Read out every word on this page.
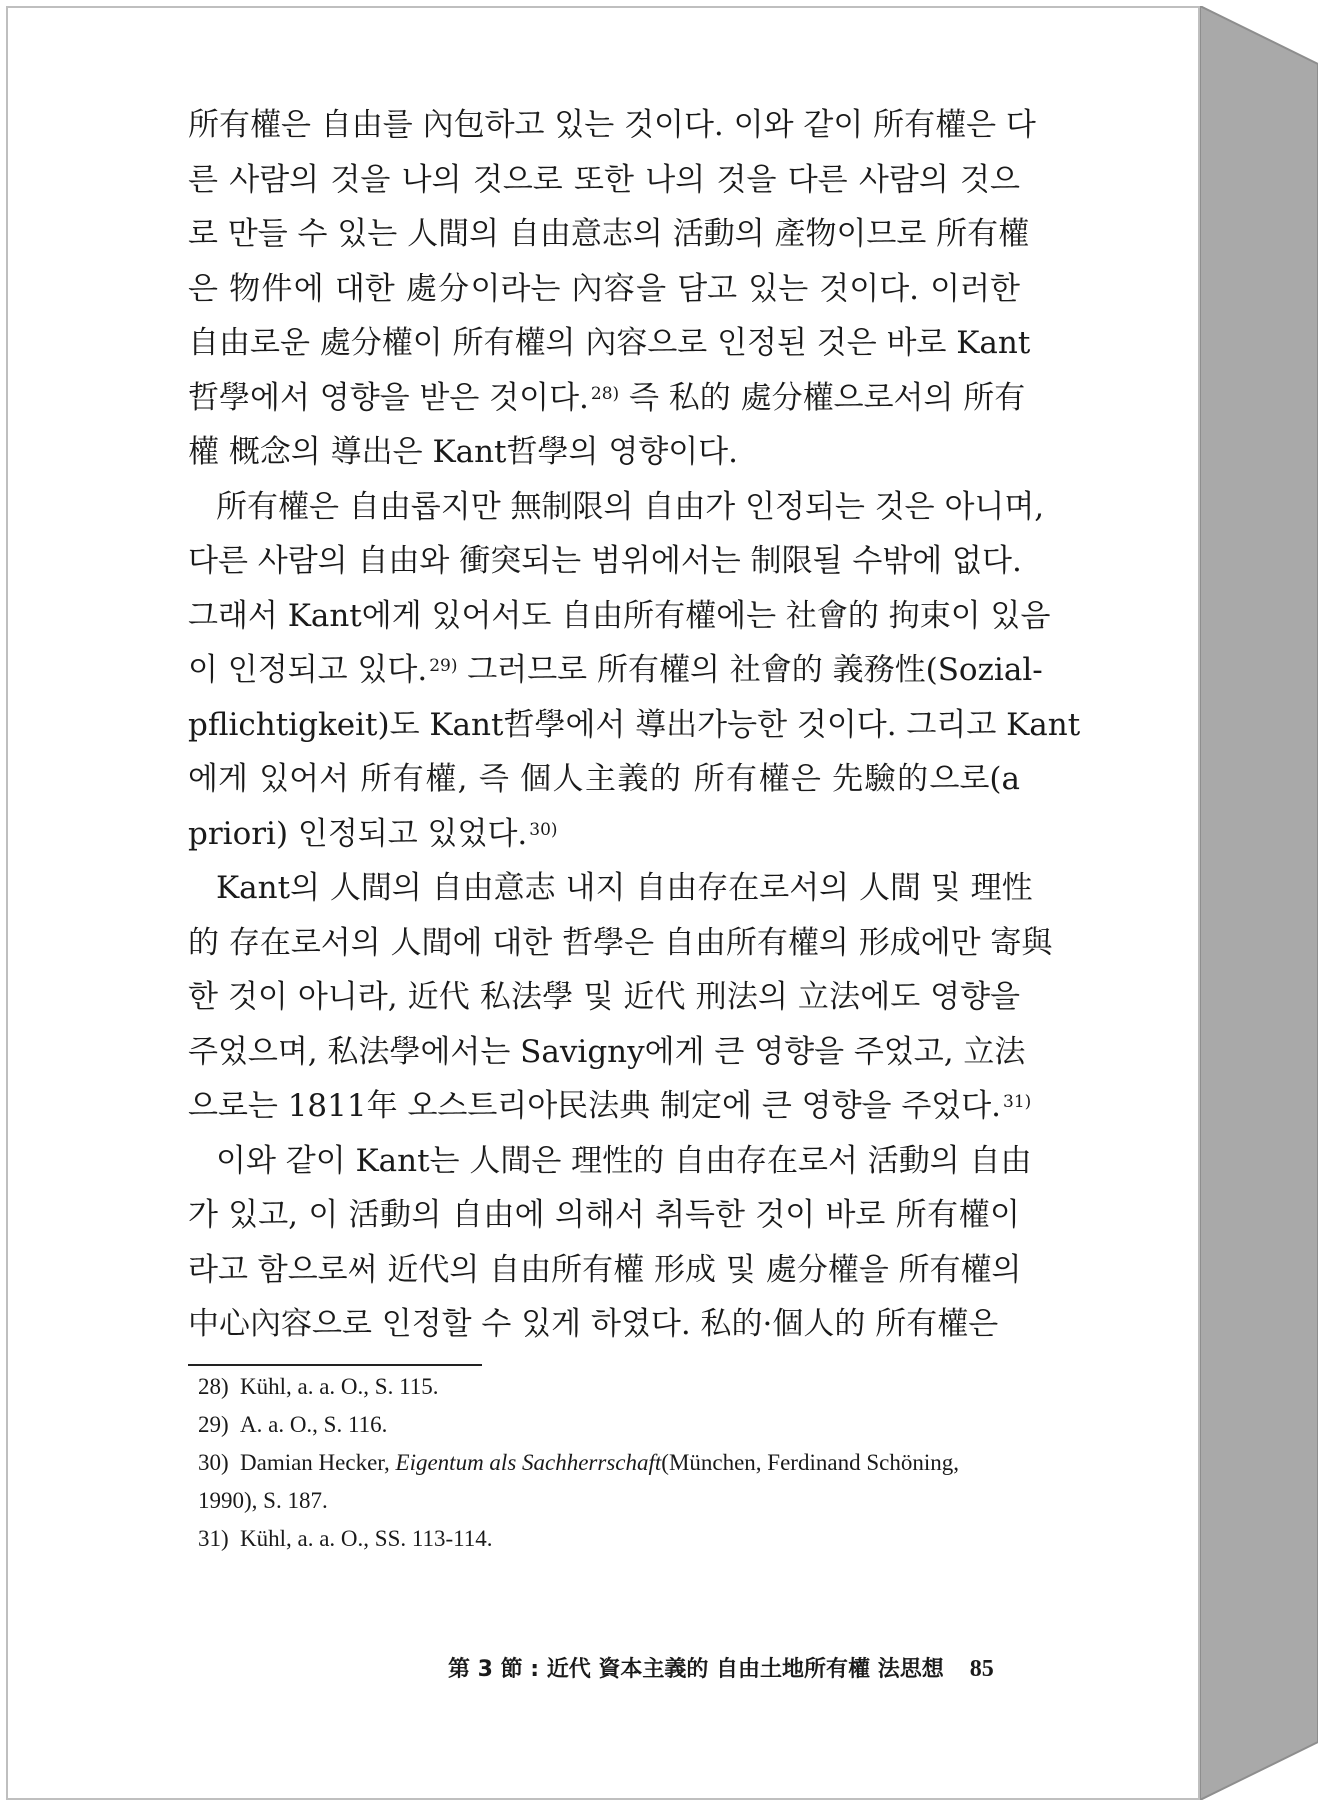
所有權은 自由를 內包하고 있는 것이다. 이와 같이 所有權은 다
른 사람의 것을 나의 것으로 또한 나의 것을 다른 사람의 것으
로 만들 수 있는 人間의 自由意志의 活動의 產物이므로 所有權
은 物件에 대한 處分이라는 內容을 담고 있는 것이다. 이러한
自由로운 處分權이 所有權의 內容으로 인정된 것은 바로 Kant
哲學에서 영향을 받은 것이다. $^{28)}$ 즉 私的 處分權으로서의 所有
權 概念의 導出은 Kant哲學의 영향이다.
所有權은 自由롭지만 無制限의 自由가 인정되는 것은 아니며,
다른 사람의 自由와 衝突되는 범위에서는 制限될 수밖에 없다.
그래서 Kant에게 있어서도 自由所有權에는 社會的 拘束이 있음
이 인정되고 있다. $^{29)}$ 그러므로 所有權의 社會的 義務性(Sozial-
pflichtigkeit)도 Kant哲學에서 導出가능한 것이다. 그리고 Kant
에게 있어서 所有權, 즉 個人主義的 所有權은 先驗的으로(a
priori) 인정되고 있었다. $^{30)}$
Kant의 人間의 自由意志 내지 自由存在로서의 人間 및 理性
的 存在로서의 人間에 대한 哲學은 自由所有權의 形成에만 寄與
한 것이 아니라, 近代 私法學 및 近代 刑法의 立法에도 영향을
주었으며, 私法學에서는 Savigny에게 큰 영향을 주었고, 立法
으로는 1811年 오스트리아民法典 制定에 큰 영향을 주었다. $^{31)}$
이와 같이 Kant는 人間은 理性的 自由存在로서 活動의 自由
가 있고, 이 活動의 自由에 의해서 취득한 것이 바로 所有權이
라고 함으로써 近代의 自由所有權 形成 및 處分權을 所有權의
中心內容으로 인정할 수 있게 하였다. 私的·個人的 所有權은
28) Kühl, a. a. O., S. 115.
29) A. a. O., S. 116.
30) Damian Hecker, Eigentum als Sachherrschaft(München, Ferdinand Schöning,
1990), S. 187.
31) Kühl, a. a. O., SS. 113-114.
第 3 節 : 近代 資本主義的 自由土地所有權 法思想 85
